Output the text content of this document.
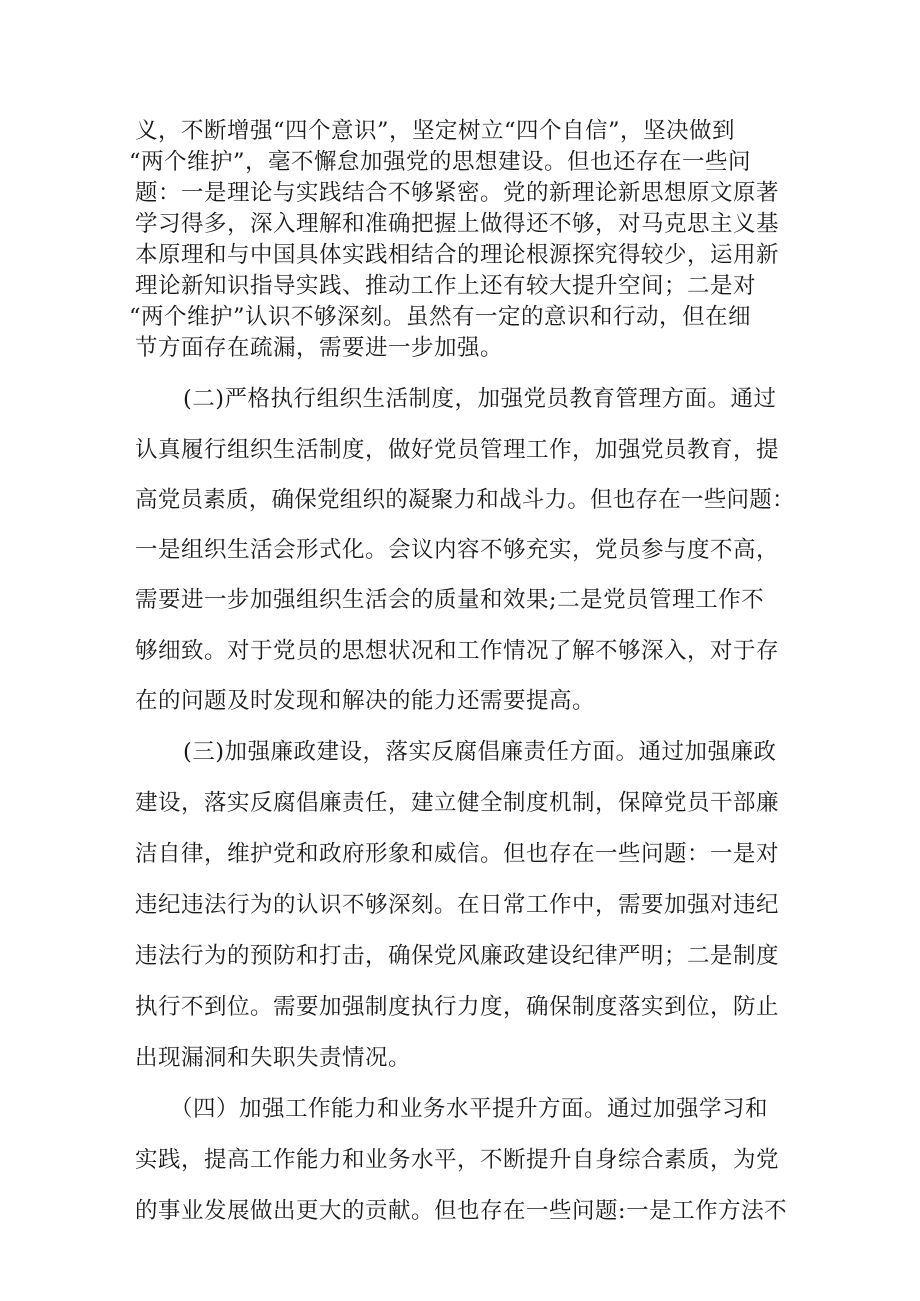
义，不断增强“四个意识”，坚定树立“四个自信”，坚决做到
“两个维护”，毫不懈怠加强党的思想建设。但也还存在一些问
题：一是理论与实践结合不够紧密。党的新理论新思想原文原著
学习得多，深入理解和准确把握上做得还不够，对马克思主义基
本原理和与中国具体实践相结合的理论根源探究得较少，运用新
理论新知识指导实践、推动工作上还有较大提升空间；二是对
“两个维护”认识不够深刻。虽然有一定的意识和行动，但在细
节方面存在疏漏，需要进一步加强。
(二)严格执行组织生活制度，加强党员教育管理方面。通过
认真履行组织生活制度，做好党员管理工作，加强党员教育，提
高党员素质，确保党组织的凝聚力和战斗力。但也存在一些问题：
一是组织生活会形式化。会议内容不够充实，党员参与度不高，
需要进一步加强组织生活会的质量和效果;二是党员管理工作不
够细致。对于党员的思想状况和工作情况了解不够深入，对于存
在的问题及时发现和解决的能力还需要提高。
(三)加强廉政建设，落实反腐倡廉责任方面。通过加强廉政
建设，落实反腐倡廉责任，建立健全制度机制，保障党员干部廉
洁自律，维护党和政府形象和威信。但也存在一些问题：一是对
违纪违法行为的认识不够深刻。在日常工作中，需要加强对违纪
违法行为的预防和打击，确保党风廉政建设纪律严明；二是制度
执行不到位。需要加强制度执行力度，确保制度落实到位，防止
出现漏洞和失职失责情况。
（四）加强工作能力和业务水平提升方面。通过加强学习和
实践，提高工作能力和业务水平，不断提升自身综合素质，为党
的事业发展做出更大的贡献。但也存在一些问题:一是工作方法不
